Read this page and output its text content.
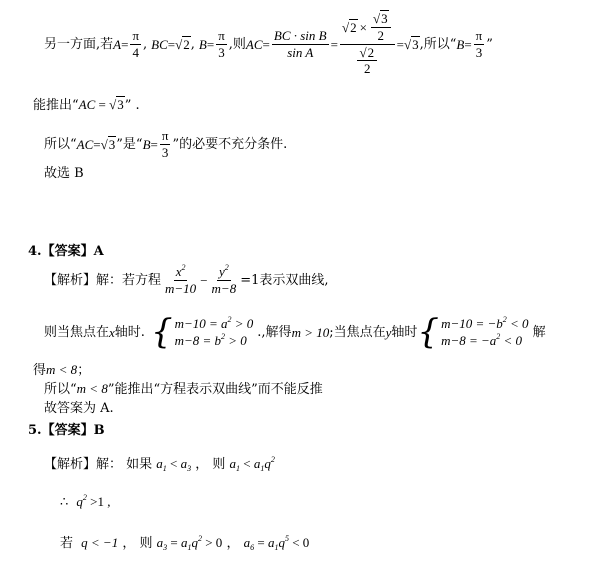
另一方面,若 $A = \frac{\pi}{4}$ , BC = √2 , $B = \frac{\pi}{3}$ ,则 AC = $\frac{\text{BC · sin B}}{\text{sin A}} = \frac{√2 \times \frac{√3}{2}}{\frac{√2}{2}} = √3$ ,所以“ $B = \frac{\pi}{3}$ ”
能推出“AC = √3” .
所以“ AC = √3 ”是“ $B = \frac{\pi}{3}$ ”的必要不充分条件.
故选 B
4.【答案】A
【解析】解：若方程 $\frac{x^2}{m-10} - \frac{y^2}{m-8} =1$表示双曲线,
则当焦点在 x 轴时. { $m-10 = a^2 > 0$
$m-8 = b^2 > 0$
.,解得 m > 10 ;当焦点在 y 轴时 { $m-10 = -b^2 < 0$
$m-8 = -a^2 < 0$
解
得m < 8；
所以“m < 8”能推出“方程表示双曲线”而不能反推
故答案为 A.
5.【答案】B
【解析】解： 如果 $a_1 < a_3$ ， 则 $a_1 < a_1q^2$
∴ $q^2 >1$ ,
若 q < −1 ， 则 $a_3 = a_1q^2 > 0$ ， $a_6 = a_1q^5 < 0$
